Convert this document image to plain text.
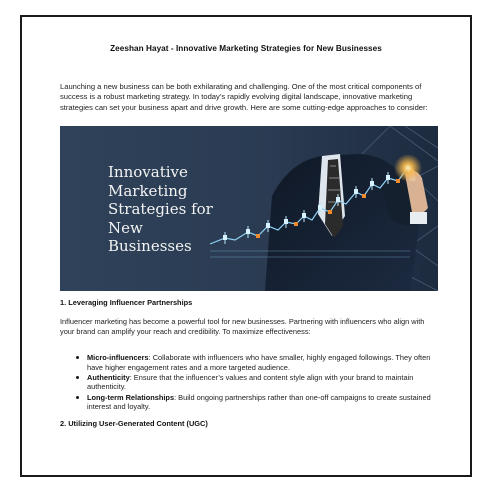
Zeeshan Hayat - Innovative Marketing Strategies for New Businesses
Launching a new business can be both exhilarating and challenging. One of the most critical components of success is a robust marketing strategy. In today’s rapidly evolving digital landscape, innovative marketing strategies can set your business apart and drive growth. Here are some cutting-edge approaches to consider:
Innovative Marketing Strategies for New Businesses
1. Leveraging Influencer Partnerships
Influencer marketing has become a powerful tool for new businesses. Partnering with influencers who align with your brand can amplify your reach and credibility. To maximize effectiveness:
Micro-influencers: Collaborate with influencers who have smaller, highly engaged followings. They often have higher engagement rates and a more targeted audience.
Authenticity: Ensure that the influencer’s values and content style align with your brand to maintain authenticity.
Long-term Relationships: Build ongoing partnerships rather than one-off campaigns to create sustained interest and loyalty.
2. Utilizing User-Generated Content (UGC)
